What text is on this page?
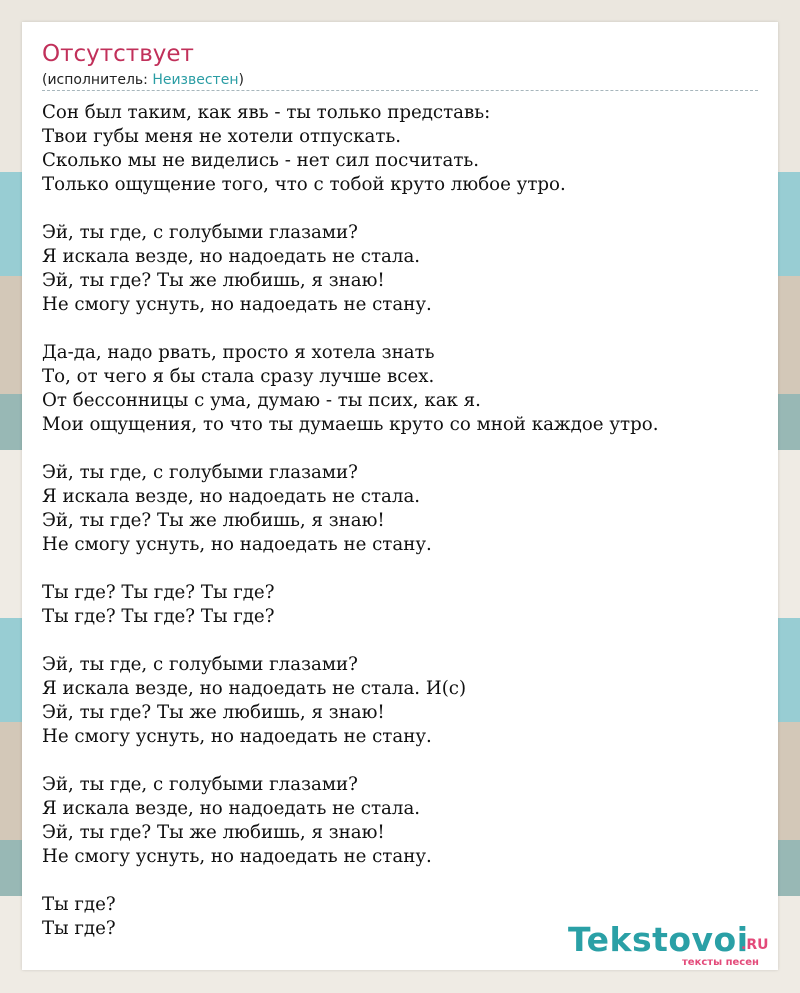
Отсутствует
(исполнитель: Неизвестен)
Сон был таким, как явь - ты только представь:
Твои губы меня не хотели отпускать.
Сколько мы не виделись - нет сил посчитать.
Только ощущение того, что с тобой круто любое утро.
Эй, ты где, с голубыми глазами?
Я искала везде, но надоедать не стала.
Эй, ты где? Ты же любишь, я знаю!
Не смогу уснуть, но надоедать не стану.
Да-да, надо рвать, просто я хотела знать
То, от чего я бы стала сразу лучше всех.
От бессонницы с ума, думаю - ты псих, как я.
Мои ощущения, то что ты думаешь круто со мной каждое утро.
Эй, ты где, с голубыми глазами?
Я искала везде, но надоедать не стала.
Эй, ты где? Ты же любишь, я знаю!
Не смогу уснуть, но надоедать не стану.
Ты где? Ты где? Ты где?
Ты где? Ты где? Ты где?
Эй, ты где, с голубыми глазами?
Я искала везде, но надоедать не стала. И(с)
Эй, ты где? Ты же любишь, я знаю!
Не смогу уснуть, но надоедать не стану.
Эй, ты где, с голубыми глазами?
Я искала везде, но надоедать не стала.
Эй, ты где? Ты же любишь, я знаю!
Не смогу уснуть, но надоедать не стану.
Ты где?
Ты где?	Tekstovoi
.RU
тексты песен
